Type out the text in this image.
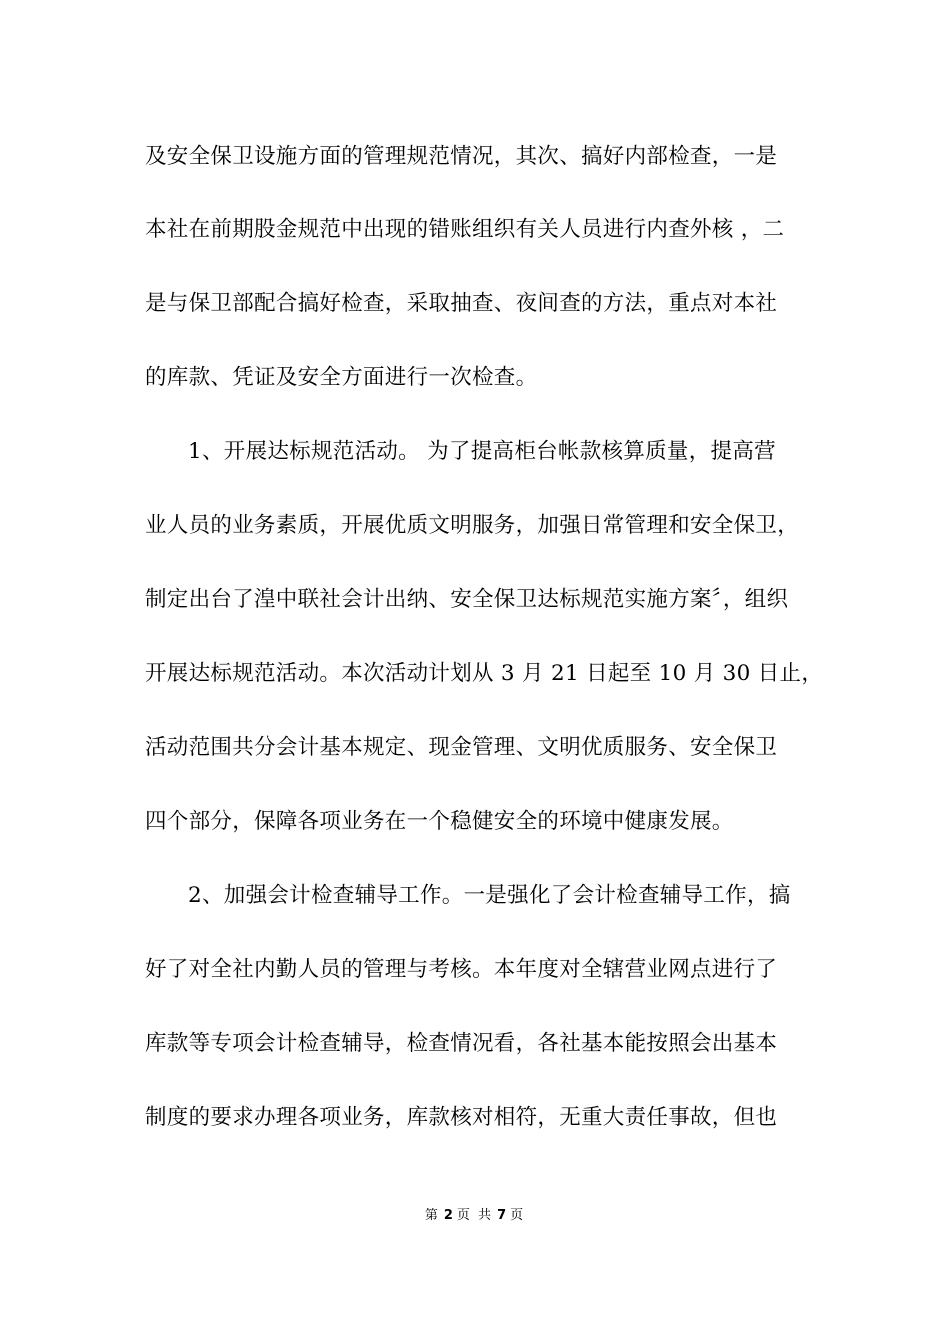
及安全保卫设施方面的管理规范情况，其次、搞好内部检查，一是
本社在前期股金规范中出现的错账组织有关人员进行内查外核 ，二
是与保卫部配合搞好检查，采取抽查、夜间查的方法，重点对本社
的库款、凭证及安全方面进行一次检查。
1、开展达标规范活动。 为了提高柜台帐款核算质量，提高营
业人员的业务素质，开展优质文明服务，加强日常管理和安全保卫，
制定出台了湟中联社会计出纳、安全保卫达标规范实施方案〞，组织
开展达标规范活动。本次活动计划从 3 月 21 日起至 10 月 30 日止，
活动范围共分会计基本规定、现金管理、文明优质服务、安全保卫
四个部分，保障各项业务在一个稳健安全的环境中健康发展。
2、加强会计检查辅导工作。一是强化了会计检查辅导工作，搞
好了对全社内勤人员的管理与考核。本年度对全辖营业网点进行了
库款等专项会计检查辅导，检查情况看，各社基本能按照会出基本
制度的要求办理各项业务，库款核对相符，无重大责任事故，但也
第 2 页 共 7 页
